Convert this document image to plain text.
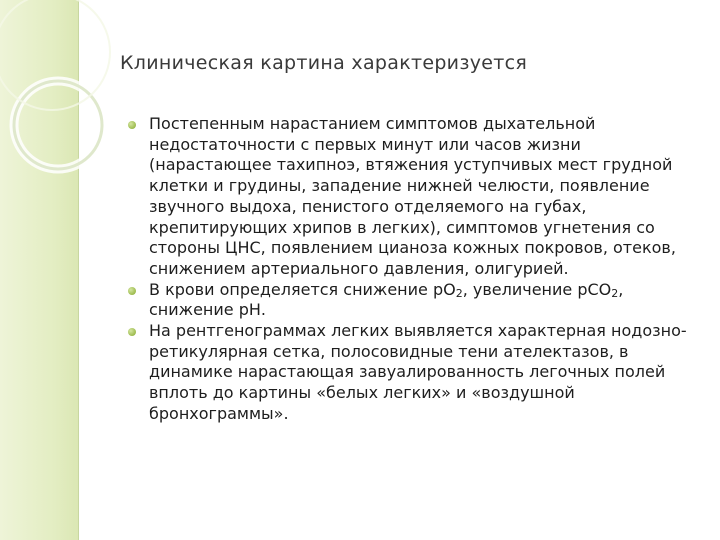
Клиническая картина характеризуется
Постепенным нарастанием симптомов дыхательной недостаточности с первых минут или часов жизни (нарастающее тахипноэ, втяжения уступчивых мест грудной клетки и грудины, западение нижней челюсти, появление звучного выдоха, пенистого отделяемого на губах, крепитирующих хрипов в легких), симптомов угнетения со стороны ЦНС, появлением цианоза кожных покровов, отеков, снижением артериального давления, олигурией.
В крови определяется снижение $рО_2$, увеличение рСО$_2$, снижение рН.
На рентгенограммах легких выявляется характерная нодозно-ретикулярная сетка, полосовидные тени ателектазов, в динамике нарастающая завуалированность легочных полей вплоть до картины «белых легких» и «воздушной бронхограммы».
